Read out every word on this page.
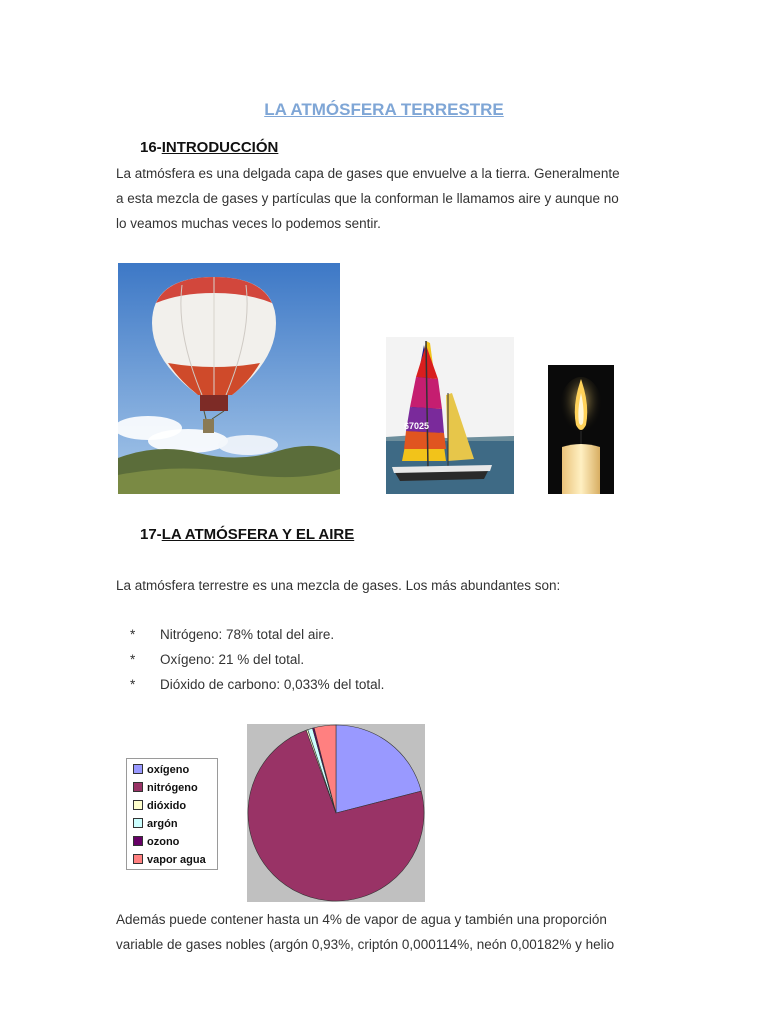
LA ATMÓSFERA TERRESTRE
16-INTRODUCCIÓN
La atmósfera es una delgada capa de gases que envuelve a la tierra. Generalmente
a esta mezcla de gases y partículas que la conforman le llamamos aire y aunque no
lo veamos muchas veces lo podemos sentir.
67025
17-LA ATMÓSFERA Y EL AIRE
La atmósfera terrestre es una mezcla de gases. Los más abundantes son:
* Nitrógeno: 78% total del aire.
* Oxígeno: 21 % del total.
* Dióxido de carbono: 0,033% del total.
oxígeno
nitrógeno
dióxido
argón
ozono
vapor agua
Además puede contener hasta un 4% de vapor de agua y también una proporción
variable de gases nobles (argón 0,93%, criptón 0,000114%, neón 0,00182% y helio
